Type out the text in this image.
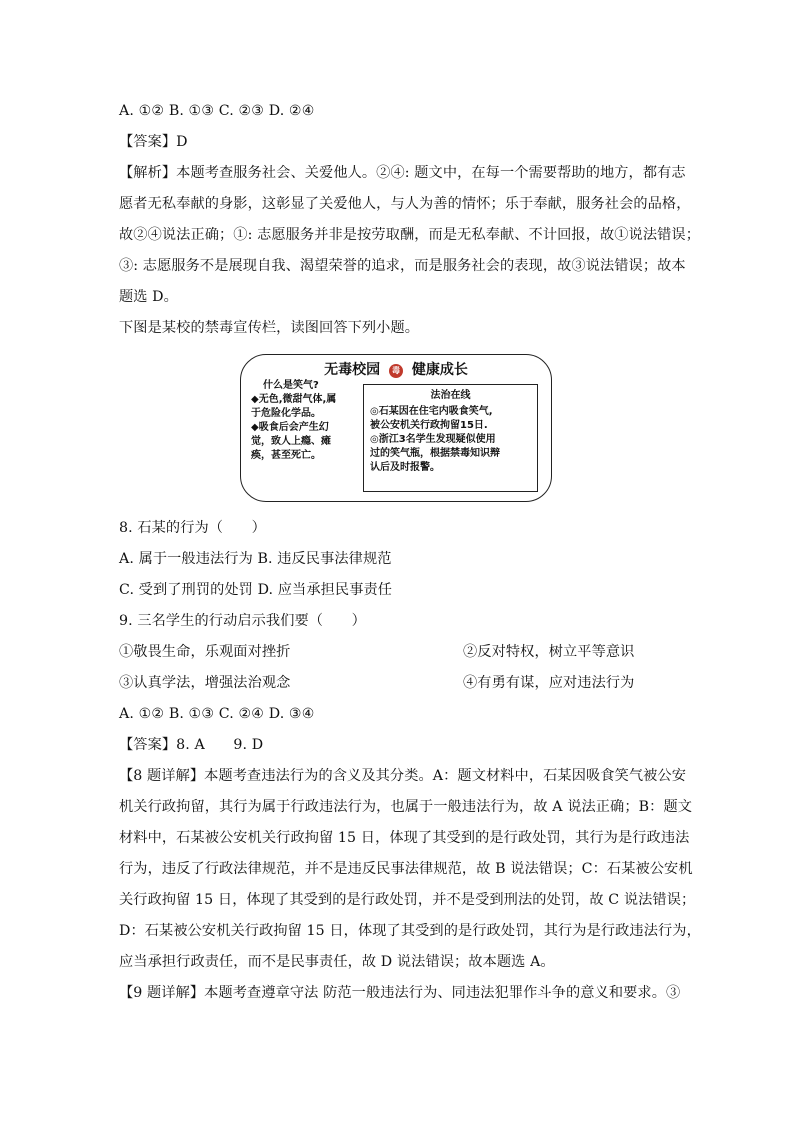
A. ①② B. ①③ C. ②③ D. ②④
【答案】D
【解析】本题考查服务社会、关爱他人。②④: 题文中，在每一个需要帮助的地方，都有志
愿者无私奉献的身影，这彰显了关爱他人，与人为善的情怀；乐于奉献，服务社会的品格，
故②④说法正确；①: 志愿服务并非是按劳取酬，而是无私奉献、不计回报，故①说法错误；
③: 志愿服务不是展现自我、渴望荣誉的追求，而是服务社会的表现，故③说法错误；故本
题选 D。
下图是某校的禁毒宣传栏，读图回答下列小题。
无毒校园 毒 健康成长
什么是笑气?
◆无色,微甜气体,属
于危险化学品。
◆吸食后会产生幻
觉，致人上瘾、瘫
痪，甚至死亡。
法治在线
◎石某因在住宅内吸食笑气,
被公安机关行政拘留15日.
◎浙江3名学生发现疑似使用
过的笑气瓶，根据禁毒知识辩
认后及时报警。
8. 石某的行为（　　）
A. 属于一般违法行为 B. 违反民事法律规范
C. 受到了刑罚的处罚 D. 应当承担民事责任
9. 三名学生的行动启示我们要（　　）
①敬畏生命，乐观面对挫折	②反对特权，树立平等意识
③认真学法，增强法治观念	④有勇有谋，应对违法行为
A. ①② B. ①③ C. ②④ D. ③④
【答案】8. A　　9. D
【8 题详解】本题考查违法行为的含义及其分类。A：题文材料中，石某因吸食笑气被公安
机关行政拘留，其行为属于行政违法行为，也属于一般违法行为，故 A 说法正确；B：题文
材料中，石某被公安机关行政拘留 15 日，体现了其受到的是行政处罚，其行为是行政违法
行为，违反了行政法律规范，并不是违反民事法律规范，故 B 说法错误；C：石某被公安机
关行政拘留 15 日，体现了其受到的是行政处罚，并不是受到刑法的处罚，故 C 说法错误；
D：石某被公安机关行政拘留 15 日，体现了其受到的是行政处罚，其行为是行政违法行为，
应当承担行政责任，而不是民事责任，故 D 说法错误；故本题选 A。
【9 题详解】本题考查遵章守法 防范一般违法行为、同违法犯罪作斗争的意义和要求。③
